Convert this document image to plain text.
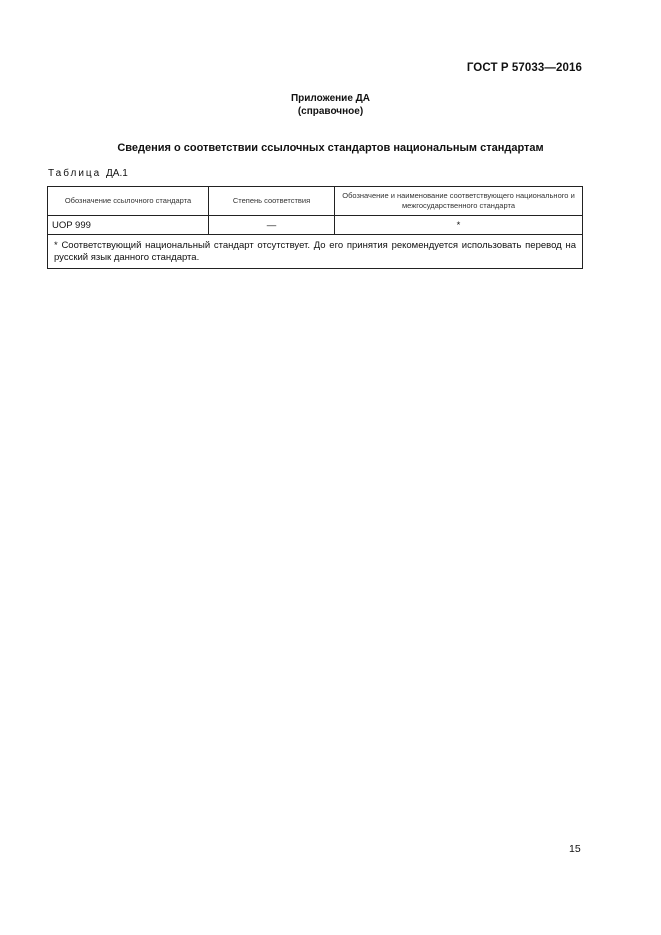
ГОСТ Р 57033—2016
Приложение ДА
(справочное)
Сведения о соответствии ссылочных стандартов национальным стандартам
Таблица ДА.1
Обозначение ссылочного стандарта	Степень соответствия	Обозначение и наименование соответствующего национального и межгосударственного стандарта
UOP 999	—	*
* Соответствующий национальный стандарт отсутствует. До его принятия рекомендуется использовать перевод на русский язык данного стандарта.		
15
